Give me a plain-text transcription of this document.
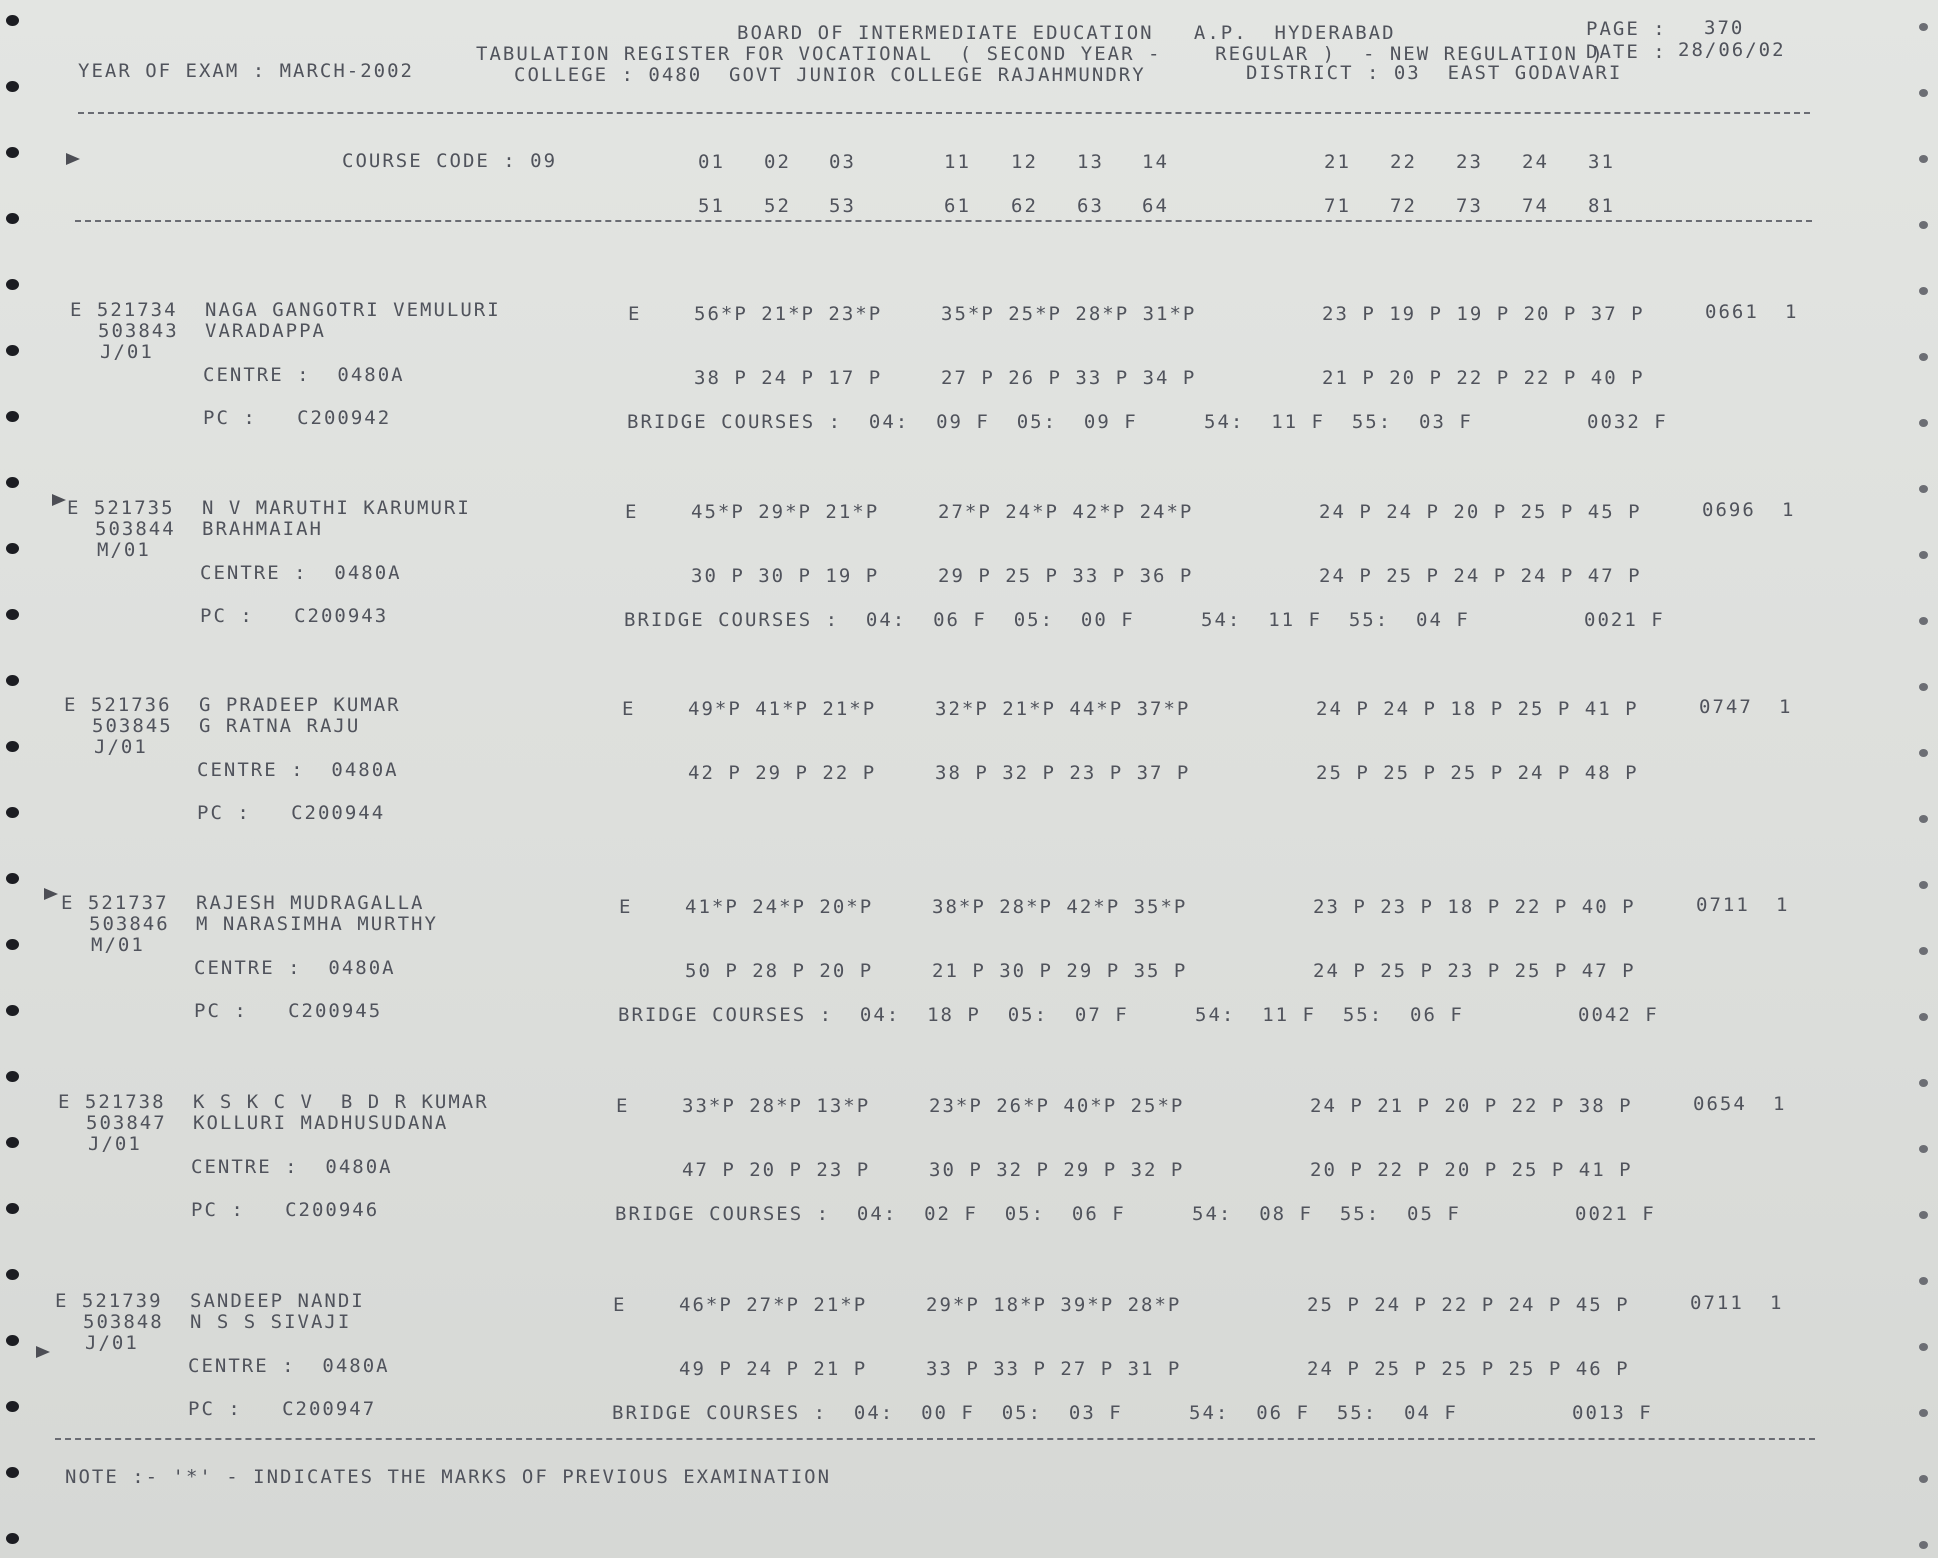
BOARD OF INTERMEDIATE EDUCATION   A.P.  HYDERABAD
TABULATION REGISTER FOR VOCATIONAL  ( SECOND YEAR -    REGULAR )  - NEW REGULATION )
COLLEGE : 0480  GOVT JUNIOR COLLEGE RAJAHMUNDRY	DISTRICT : 03  EAST GODAVARI
YEAR OF EXAM : MARCH-2002
PAGE : 370
DATE : 28/06/02
COURSE CODE : 09	01 02 03	11 12 13 14	21 22 23 24 31
51 52 53	61 62 63 64	71 72 73 74 81
E 521734 NAGA GANGOTRI VEMULURI
503843 VARADAPPA
J/01
CENTRE :  0480A
PC :   C200942
E	56*P 21*P 23*P	35*P 25*P 28*P 31*P	23 P 19 P 19 P 20 P 37 P	0661 1
38 P 24 P 17 P	27 P 26 P 33 P 34 P	21 P 20 P 22 P 22 P 40 P
BRIDGE COURSES :  04:  09 F  05:  09 F	54:  11 F  55:  03 F	0032 F
E 521735 N V MARUTHI KARUMURI
503844 BRAHMAIAH
M/01
CENTRE :  0480A
PC :   C200943
E	45*P 29*P 21*P	27*P 24*P 42*P 24*P	24 P 24 P 20 P 25 P 45 P	0696 1
30 P 30 P 19 P	29 P 25 P 33 P 36 P	24 P 25 P 24 P 24 P 47 P
BRIDGE COURSES :  04:  06 F  05:  00 F	54:  11 F  55:  04 F	0021 F
E 521736 G PRADEEP KUMAR
503845 G RATNA RAJU
J/01
CENTRE :  0480A
PC :   C200944
E	49*P 41*P 21*P	32*P 21*P 44*P 37*P	24 P 24 P 18 P 25 P 41 P	0747 1
42 P 29 P 22 P	38 P 32 P 23 P 37 P	25 P 25 P 25 P 24 P 48 P
E 521737 RAJESH MUDRAGALLA
503846 M NARASIMHA MURTHY
M/01
CENTRE :  0480A
PC :   C200945
E	41*P 24*P 20*P	38*P 28*P 42*P 35*P	23 P 23 P 18 P 22 P 40 P	0711 1
50 P 28 P 20 P	21 P 30 P 29 P 35 P	24 P 25 P 23 P 25 P 47 P
BRIDGE COURSES :  04:  18 P  05:  07 F	54:  11 F  55:  06 F	0042 F
E 521738 K S K C V  B D R KUMAR
503847 KOLLURI MADHUSUDANA
J/01
CENTRE :  0480A
PC :   C200946
E	33*P 28*P 13*P	23*P 26*P 40*P 25*P	24 P 21 P 20 P 22 P 38 P	0654 1
47 P 20 P 23 P	30 P 32 P 29 P 32 P	20 P 22 P 20 P 25 P 41 P
BRIDGE COURSES :  04:  02 F  05:  06 F	54:  08 F  55:  05 F	0021 F
E 521739 SANDEEP NANDI
503848 N S S SIVAJI
J/01
CENTRE :  0480A
PC :   C200947
E	46*P 27*P 21*P	29*P 18*P 39*P 28*P	25 P 24 P 22 P 24 P 45 P	0711 1
49 P 24 P 21 P	33 P 33 P 27 P 31 P	24 P 25 P 25 P 25 P 46 P
BRIDGE COURSES :  04:  00 F  05:  03 F	54:  06 F  55:  04 F	0013 F
NOTE :- '*' - INDICATES THE MARKS OF PREVIOUS EXAMINATION
